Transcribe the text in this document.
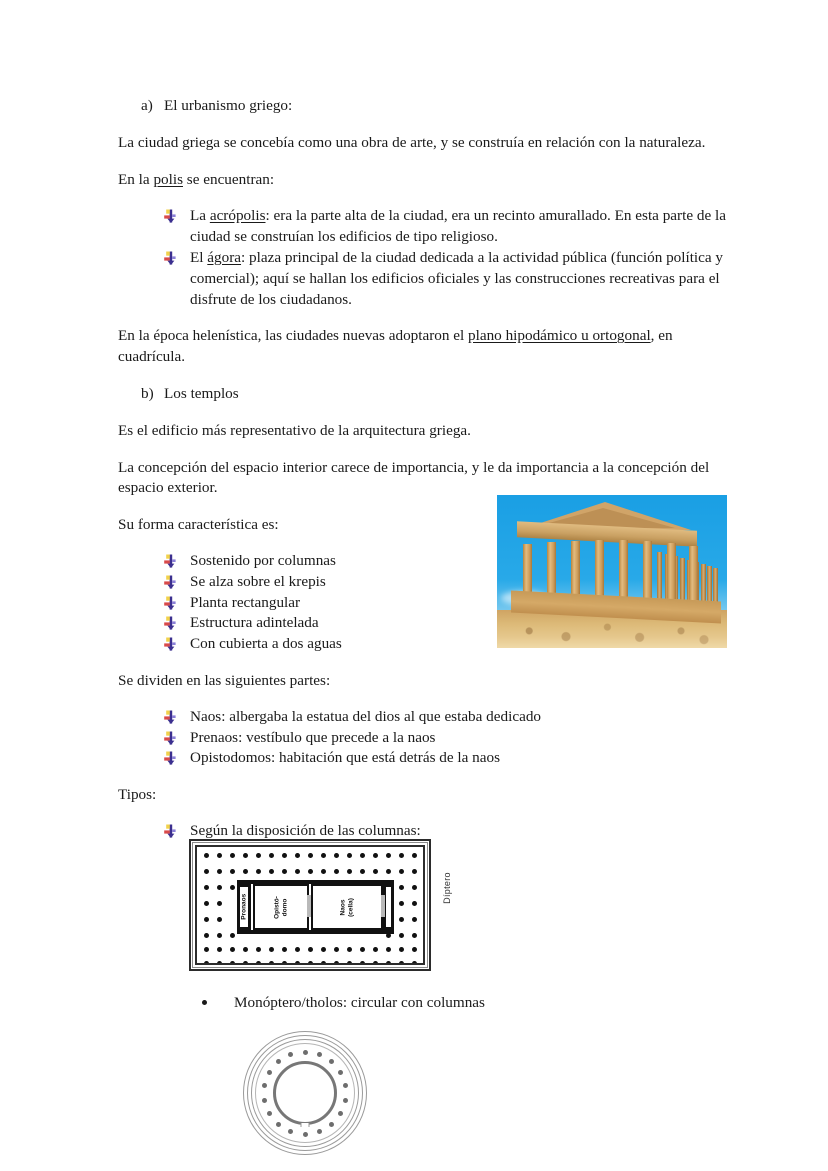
a) El urbanismo griego:

La ciudad griega se concebía como una obra de arte, y se construía en relación con la naturaleza.

En la polis se encuentran:

La acrópolis: era la parte alta de la ciudad, era un recinto amurallado. En esta parte de la ciudad se construían los edificios de tipo religioso.
El ágora: plaza principal de la ciudad dedicada a la actividad pública (función política y comercial); aquí se hallan los edificios oficiales y las construcciones recreativas para el disfrute de los ciudadanos.

En la época helenística, las ciudades nuevas adoptaron el plano hipodámico u ortogonal, en cuadrícula.

b) Los templos

Es el edificio más representativo de la arquitectura griega.

La concepción del espacio interior carece de importancia, y le da importancia a la concepción del espacio exterior.

Su forma característica es:

Sostenido por columnas
Se alza sobre el krepis
Planta rectangular
Estructura adintelada
Con cubierta a dos aguas

Se dividen en las siguientes partes:

Naos: albergaba la estatua del dios al que estaba dedicado
Prenaos: vestíbulo que precede a la naos
Opistodomos: habitación que está detrás de la naos

Tipos:

Según la disposición de las columnas:
Pronaos	Opistó-
domo	Naos
(cella)
Díptero
Monóptero/tholos: circular con columnas
